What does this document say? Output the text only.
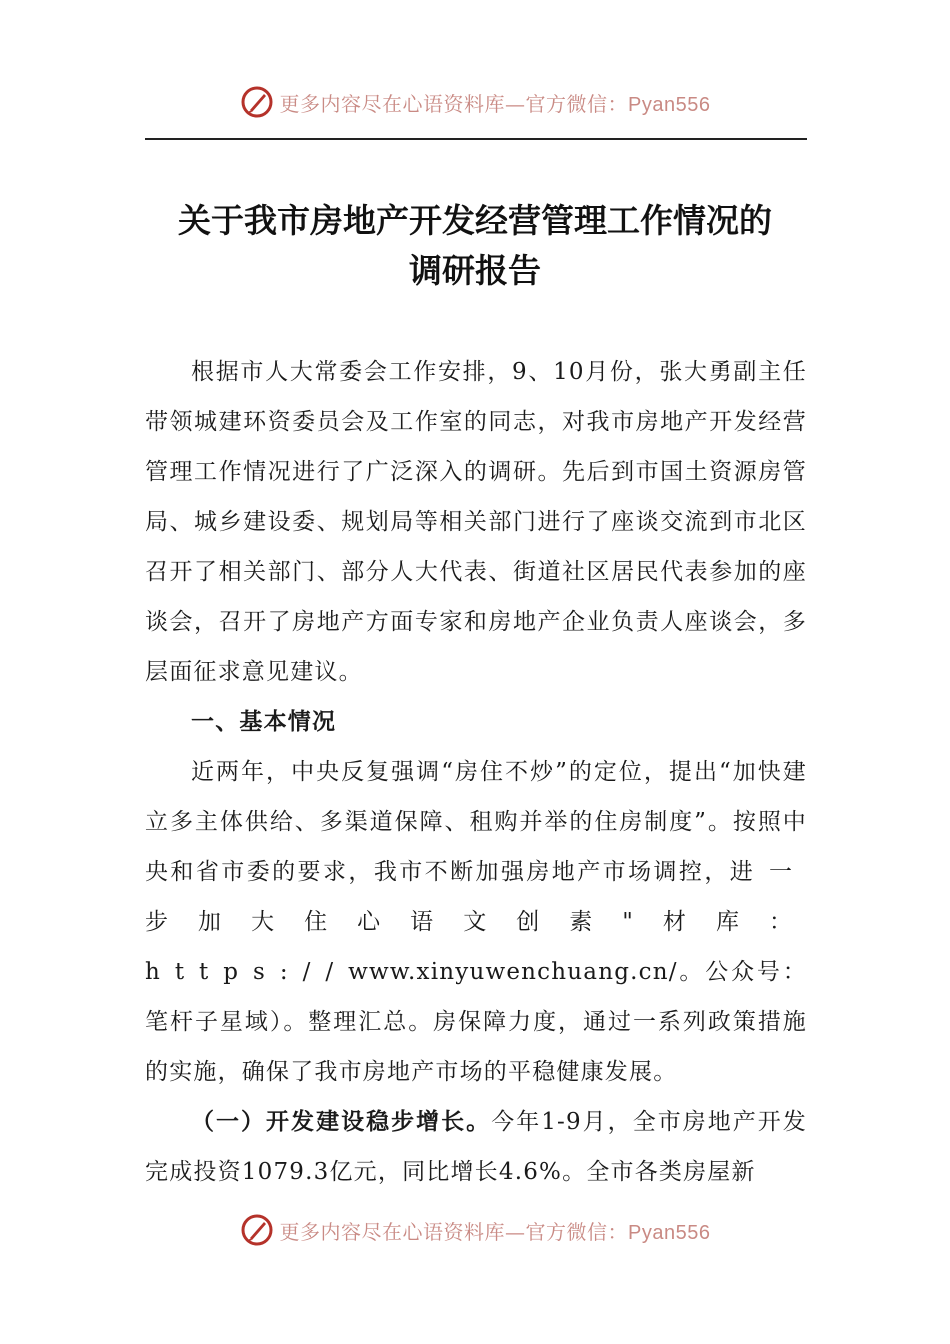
更多内容尽在心语资料库—官方微信：Pyan556
关于我市房地产开发经营管理工作情况的
调研报告

根据市人大常委会工作安排，9、10月份，张大勇副主任带领城建环资委员会及工作室的同志，对我市房地产开发经营管理工作情况进行了广泛深入的调研。先后到市国土资源房管局、城乡建设委、规划局等相关部门进行了座谈交流到市北区召开了相关部门、部分人大代表、街道社区居民代表参加的座谈会，召开了房地产方面专家和房地产企业负责人座谈会，多层面征求意见建议。

一、基本情况

近两年，中央反复强调“房住不炒”的定位，提出“加快建立多主体供给、多渠道保障、租购并举的住房制度”。按照中央和省市委的要求，我市不断加强房地产市场调控，进一步加大住心语文创素"材库：https://www.xinyuwenchuang.cn/。公众号：笔杆子星域）。整理汇总。房保障力度，通过一系列政策措施的实施，确保了我市房地产市场的平稳健康发展。

（一）开发建设稳步增长。今年1-9月，全市房地产开发完成投资1079.3亿元，同比增长4.6%。全市各类房屋新

更多内容尽在心语资料库—官方微信：Pyan556
